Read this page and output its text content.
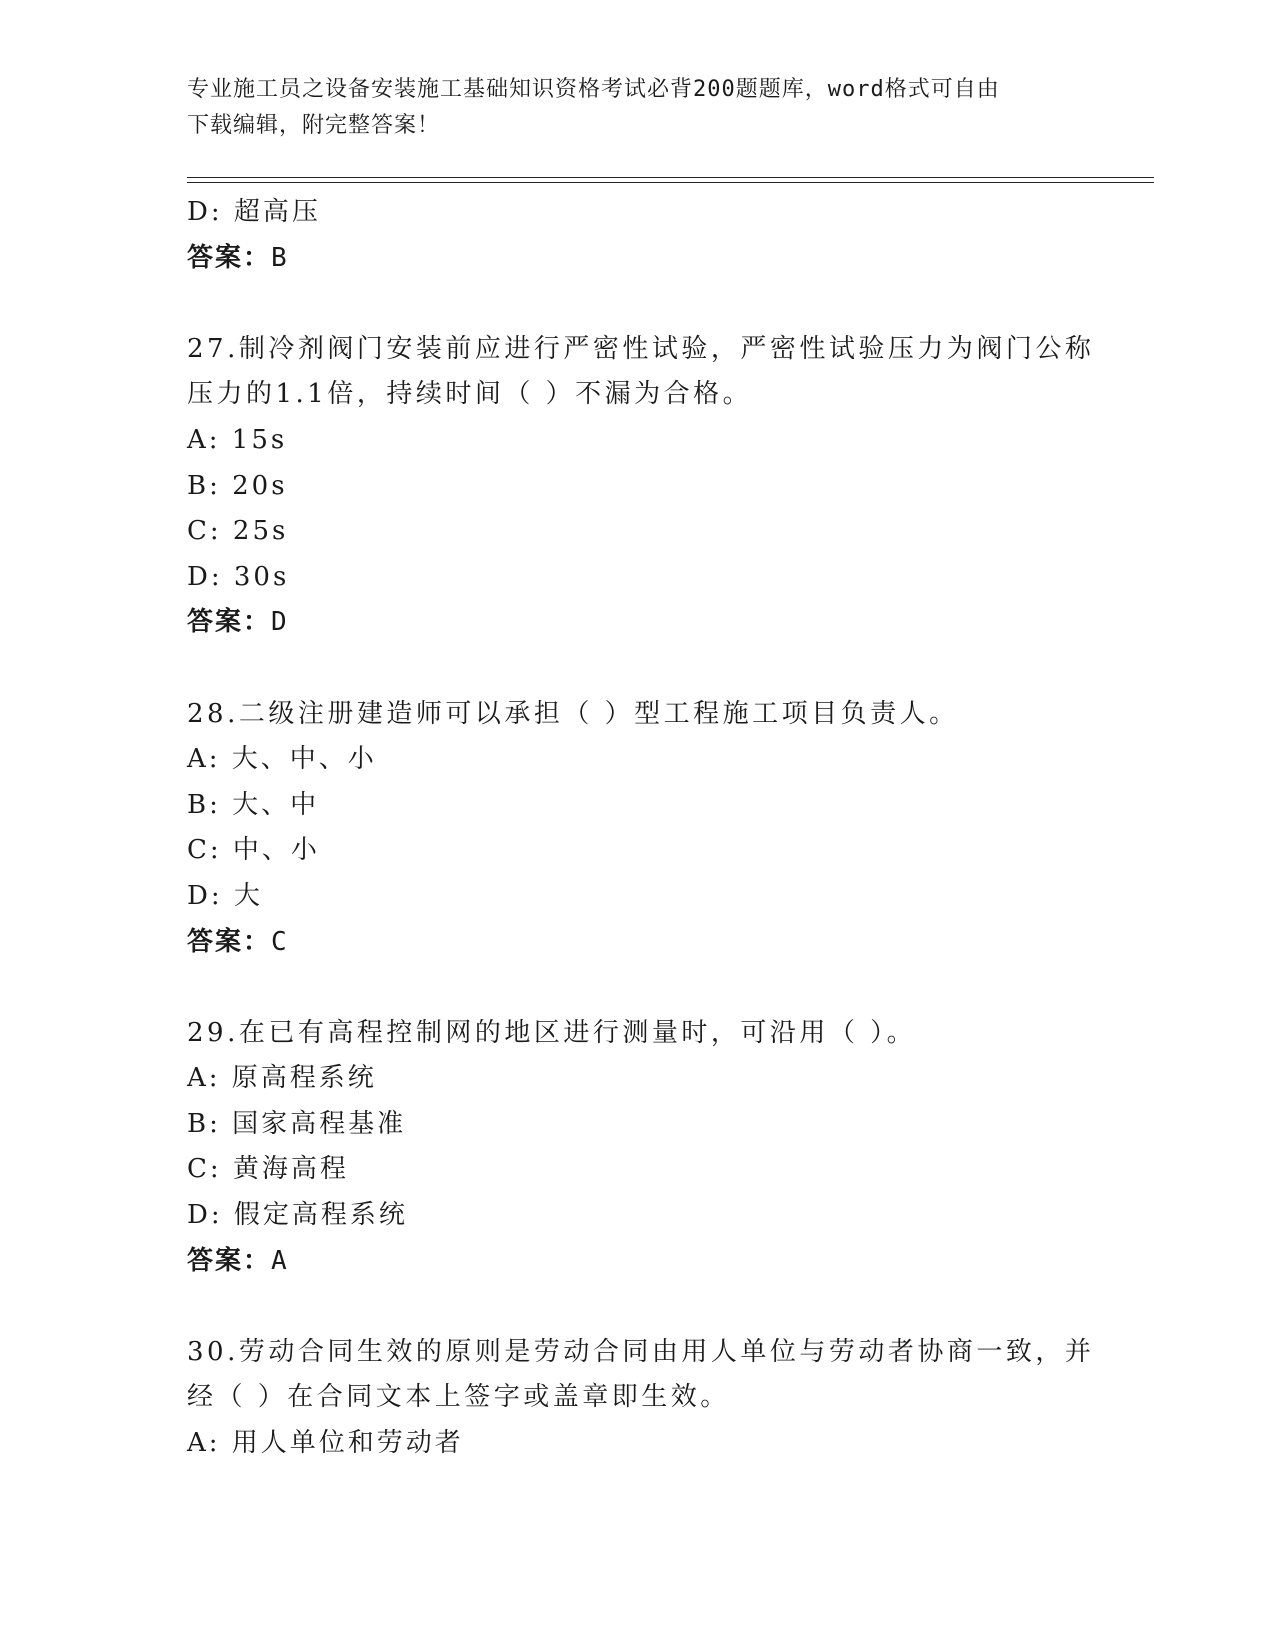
专业施工员之设备安装施工基础知识资格考试必背200题题库，word格式可自由
下载编辑，附完整答案！
D: 超高压
答案：B
27.制冷剂阀门安装前应进行严密性试验，严密性试验压力为阀门公称
压力的1.1倍，持续时间（ ）不漏为合格。
A: 15s
B: 20s
C: 25s
D: 30s
答案：D
28.二级注册建造师可以承担（ ）型工程施工项目负责人。
A: 大、中、小
B: 大、中
C: 中、小
D: 大
答案：C
29.在已有高程控制网的地区进行测量时，可沿用（ ）。
A: 原高程系统
B: 国家高程基准
C: 黄海高程
D: 假定高程系统
答案：A
30.劳动合同生效的原则是劳动合同由用人单位与劳动者协商一致，并
经（ ）在合同文本上签字或盖章即生效。
A: 用人单位和劳动者
